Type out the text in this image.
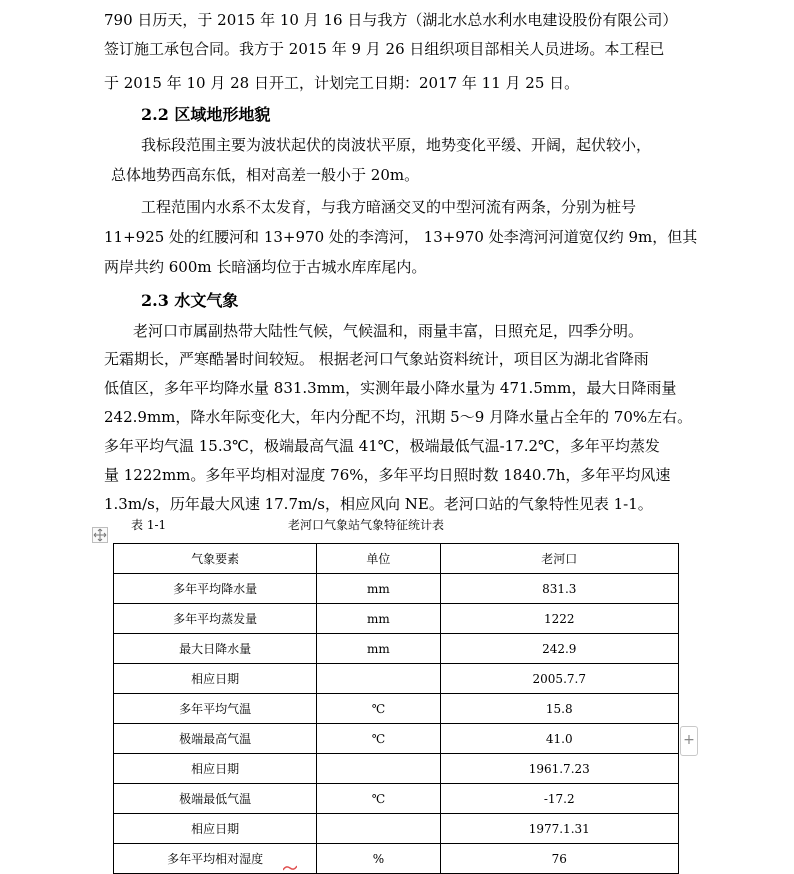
790 日历天，于 2015 年 10 月 16 日与我方（湖北水总水利水电建设股份有限公司）
签订施工承包合同。我方于 2015 年 9 月 26 日组织项目部相关人员进场。本工程已
于 2015 年 10 月 28 日开工，计划完工日期：2017 年 11 月 25 日。
2.2 区域地形地貌
我标段范围主要为波状起伏的岗波状平原，地势变化平缓、开阔，起伏较小，
总体地势西高东低，相对高差一般小于 20m。
工程范围内水系不太发育，与我方暗涵交叉的中型河流有两条，分别为桩号
11+925 处的红腰河和 13+970 处的李湾河， 13+970 处李湾河河道宽仅约 9m，但其
两岸共约 600m 长暗涵均位于古城水库库尾内。
2.3 水文气象
老河口市属副热带大陆性气候，气候温和，雨量丰富，日照充足，四季分明。
无霜期长，严寒酷暑时间较短。 根据老河口气象站资料统计，项目区为湖北省降雨
低值区，多年平均降水量 831.3mm，实测年最小降水量为 471.5mm，最大日降雨量
242.9mm，降水年际变化大，年内分配不均，汛期 5～9 月降水量占全年的 70%左右。
多年平均气温 15.3℃，极端最高气温 41℃，极端最低气温-17.2℃，多年平均蒸发
量 1222mm。多年平均相对湿度 76%，多年平均日照时数 1840.7h，多年平均风速
1.3m/s，历年最大风速 17.7m/s，相应风向 NE。老河口站的气象特性见表 1-1。
表 1-1	老河口气象站气象特征统计表
气象要素	单位	老河口
多年平均降水量	mm	831.3
多年平均蒸发量	mm	1222
最大日降水量	mm	242.9
相应日期		2005.7.7
多年平均气温	℃	15.8
极端最高气温	℃	41.0
相应日期		1961.7.23
极端最低气温	℃	-17.2
相应日期		1977.1.31
多年平均相对湿度	%	76
+
